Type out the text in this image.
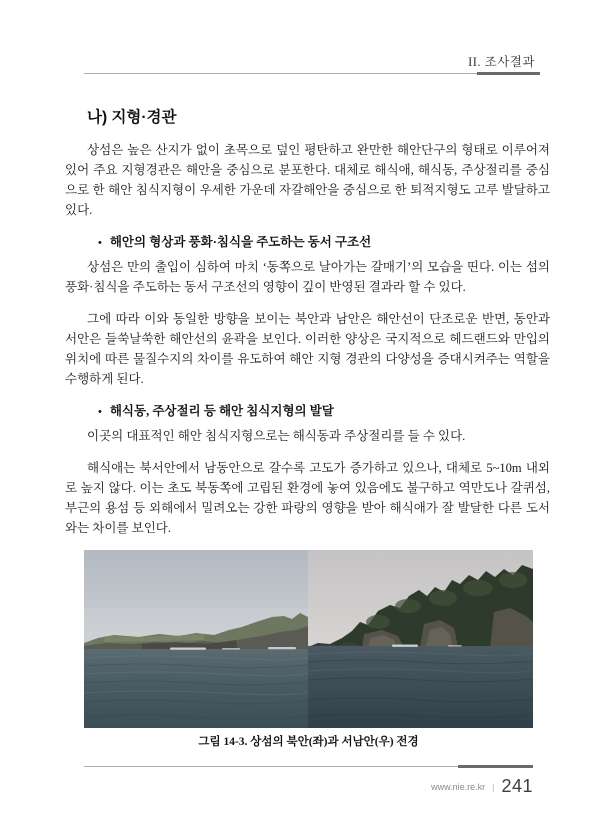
II. 조사결과
나) 지형·경관

상섬은 높은 산지가 없이 초목으로 덮인 평탄하고 완만한 해안단구의 형태로 이루어져 있어 주요 지형경관은 해안을 중심으로 분포한다. 대체로 해식애, 해식동, 주상절리를 중심으로 한 해안 침식지형이 우세한 가운데 자갈해안을 중심으로 한 퇴적지형도 고루 발달하고 있다.

• 해안의 형상과 풍화·침식을 주도하는 동서 구조선

상섬은 만의 출입이 심하여 마치 ‘동쪽으로 날아가는 갈매기’의 모습을 띤다. 이는 섬의 풍화·침식을 주도하는 동서 구조선의 영향이 깊이 반영된 결과라 할 수 있다.

그에 따라 이와 동일한 방향을 보이는 북안과 남안은 해안선이 단조로운 반면, 동안과 서안은 들쑥날쑥한 해안선의 윤곽을 보인다. 이러한 양상은 국지적으로 헤드랜드와 만입의 위치에 따른 물질수지의 차이를 유도하여 해안 지형 경관의 다양성을 증대시켜주는 역할을 수행하게 된다.

• 해식동, 주상절리 등 해안 침식지형의 발달

이곳의 대표적인 해안 침식지형으로는 해식동과 주상절리를 들 수 있다.

해식애는 북서안에서 남동안으로 갈수록 고도가 증가하고 있으나, 대체로 5~10m 내외로 높지 않다. 이는 초도 북동쪽에 고립된 환경에 놓여 있음에도 불구하고 역만도나 갈퀴섬, 부근의 용섬 등 외해에서 밀려오는 강한 파랑의 영향을 받아 해식애가 잘 발달한 다른 도서와는 차이를 보인다.

그림 14-3. 상섬의 북안(좌)과 서남안(우) 전경
www.nie.re.kr | 241
